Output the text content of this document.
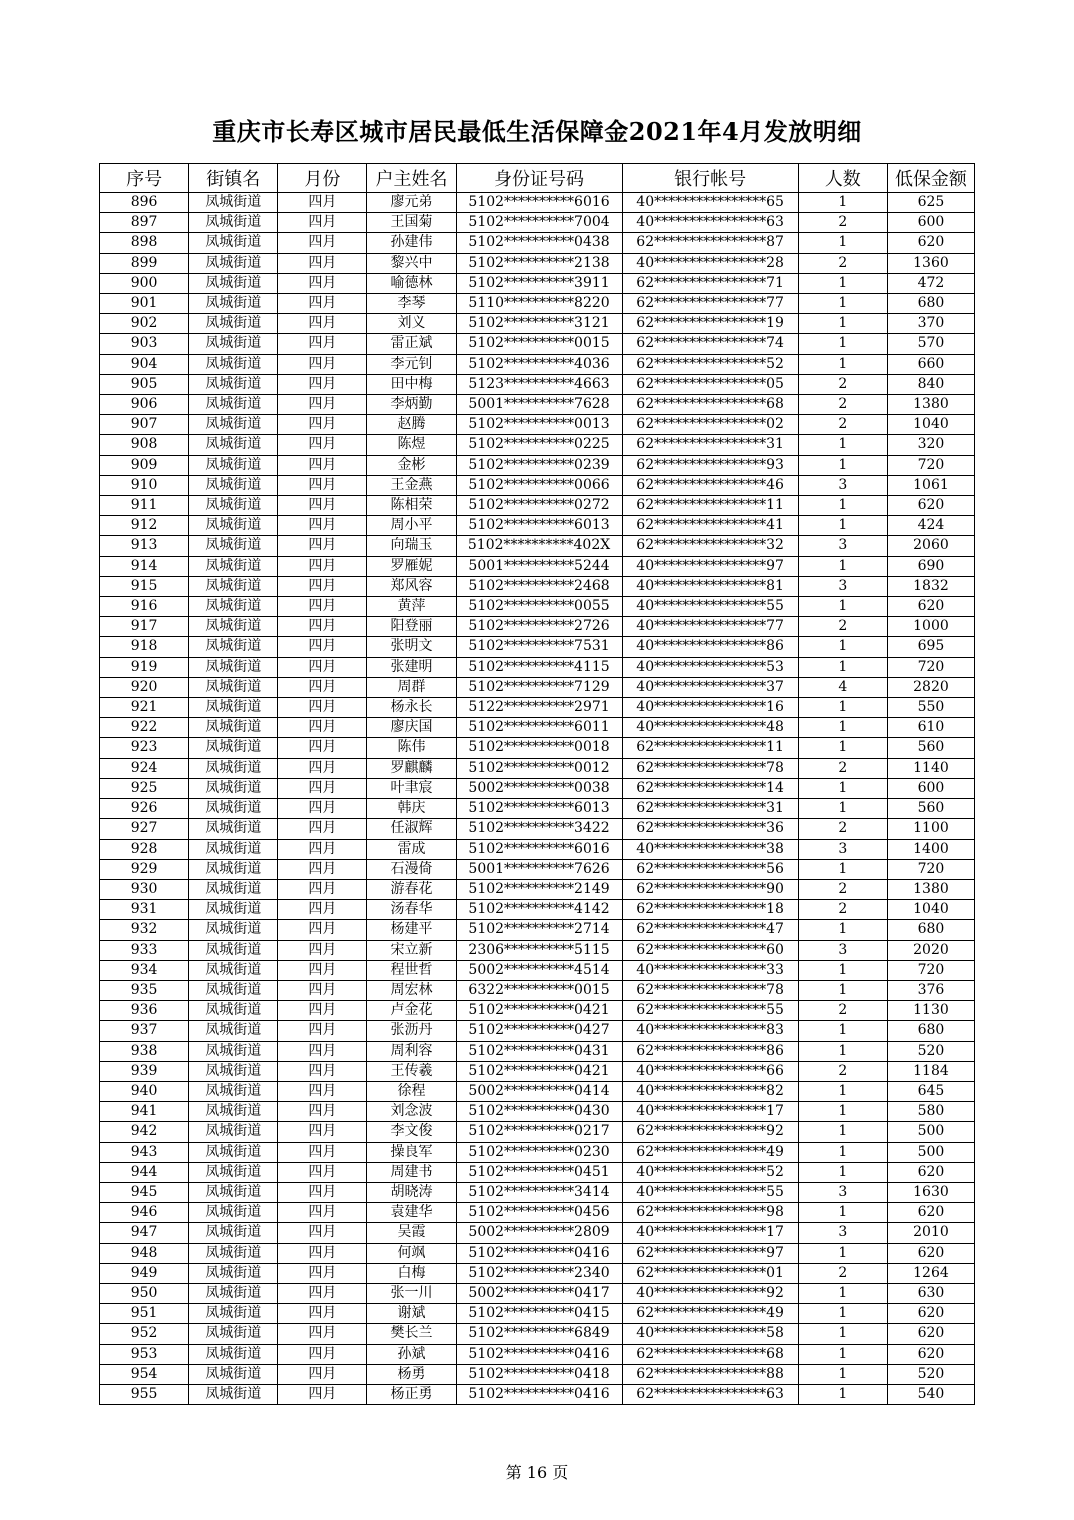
重庆市长寿区城市居民最低生活保障金2021年4月发放明细
序号	街镇名	月份	户主姓名	身份证号码	银行帐号	人数	低保金额
896	凤城街道	四月	廖元弟	5102**********6016	40****************65	1	625
897	凤城街道	四月	王国菊	5102**********7004	40****************63	2	600
898	凤城街道	四月	孙建伟	5102**********0438	62****************87	1	620
899	凤城街道	四月	黎兴中	5102**********2138	40****************28	2	1360
900	凤城街道	四月	喻德林	5102**********3911	62****************71	1	472
901	凤城街道	四月	李琴	5110**********8220	62****************77	1	680
902	凤城街道	四月	刘义	5102**********3121	62****************19	1	370
903	凤城街道	四月	雷正斌	5102**********0015	62****************74	1	570
904	凤城街道	四月	李元钊	5102**********4036	62****************52	1	660
905	凤城街道	四月	田中梅	5123**********4663	62****************05	2	840
906	凤城街道	四月	李炳勤	5001**********7628	62****************68	2	1380
907	凤城街道	四月	赵腾	5102**********0013	62****************02	2	1040
908	凤城街道	四月	陈煜	5102**********0225	62****************31	1	320
909	凤城街道	四月	金彬	5102**********0239	62****************93	1	720
910	凤城街道	四月	王金燕	5102**********0066	62****************46	3	1061
911	凤城街道	四月	陈相荣	5102**********0272	62****************11	1	620
912	凤城街道	四月	周小平	5102**********6013	62****************41	1	424
913	凤城街道	四月	向瑞玉	5102**********402X	62****************32	3	2060
914	凤城街道	四月	罗雁妮	5001**********5244	40****************97	1	690
915	凤城街道	四月	郑风容	5102**********2468	40****************81	3	1832
916	凤城街道	四月	黄萍	5102**********0055	40****************55	1	620
917	凤城街道	四月	阳登丽	5102**********2726	40****************77	2	1000
918	凤城街道	四月	张明文	5102**********7531	40****************86	1	695
919	凤城街道	四月	张建明	5102**********4115	40****************53	1	720
920	凤城街道	四月	周群	5102**********7129	40****************37	4	2820
921	凤城街道	四月	杨永长	5122**********2971	40****************16	1	550
922	凤城街道	四月	廖庆国	5102**********6011	40****************48	1	610
923	凤城街道	四月	陈伟	5102**********0018	62****************11	1	560
924	凤城街道	四月	罗麒麟	5102**********0012	62****************78	2	1140
925	凤城街道	四月	叶聿宸	5002**********0038	62****************14	1	600
926	凤城街道	四月	韩庆	5102**********6013	62****************31	1	560
927	凤城街道	四月	任淑辉	5102**********3422	62****************36	2	1100
928	凤城街道	四月	雷成	5102**********6016	40****************38	3	1400
929	凤城街道	四月	石漫倚	5001**********7626	62****************56	1	720
930	凤城街道	四月	游春花	5102**********2149	62****************90	2	1380
931	凤城街道	四月	汤春华	5102**********4142	62****************18	2	1040
932	凤城街道	四月	杨建平	5102**********2714	62****************47	1	680
933	凤城街道	四月	宋立新	2306**********5115	62****************60	3	2020
934	凤城街道	四月	程世哲	5002**********4514	40****************33	1	720
935	凤城街道	四月	周宏林	6322**********0015	62****************78	1	376
936	凤城街道	四月	卢金花	5102**********0421	62****************55	2	1130
937	凤城街道	四月	张沥丹	5102**********0427	40****************83	1	680
938	凤城街道	四月	周利容	5102**********0431	62****************86	1	520
939	凤城街道	四月	王传羲	5102**********0421	40****************66	2	1184
940	凤城街道	四月	徐程	5002**********0414	40****************82	1	645
941	凤城街道	四月	刘念波	5102**********0430	40****************17	1	580
942	凤城街道	四月	李文俊	5102**********0217	62****************92	1	500
943	凤城街道	四月	操良军	5102**********0230	62****************49	1	500
944	凤城街道	四月	周建书	5102**********0451	40****************52	1	620
945	凤城街道	四月	胡晓涛	5102**********3414	40****************55	3	1630
946	凤城街道	四月	袁建华	5102**********0456	62****************98	1	620
947	凤城街道	四月	吴霞	5002**********2809	40****************17	3	2010
948	凤城街道	四月	何飒	5102**********0416	62****************97	1	620
949	凤城街道	四月	白梅	5102**********2340	62****************01	2	1264
950	凤城街道	四月	张一川	5002**********0417	40****************92	1	630
951	凤城街道	四月	谢斌	5102**********0415	62****************49	1	620
952	凤城街道	四月	樊长兰	5102**********6849	40****************58	1	620
953	凤城街道	四月	孙斌	5102**********0416	62****************68	1	620
954	凤城街道	四月	杨勇	5102**********0418	62****************88	1	520
955	凤城街道	四月	杨正勇	5102**********0416	62****************63	1	540
第 16 页
